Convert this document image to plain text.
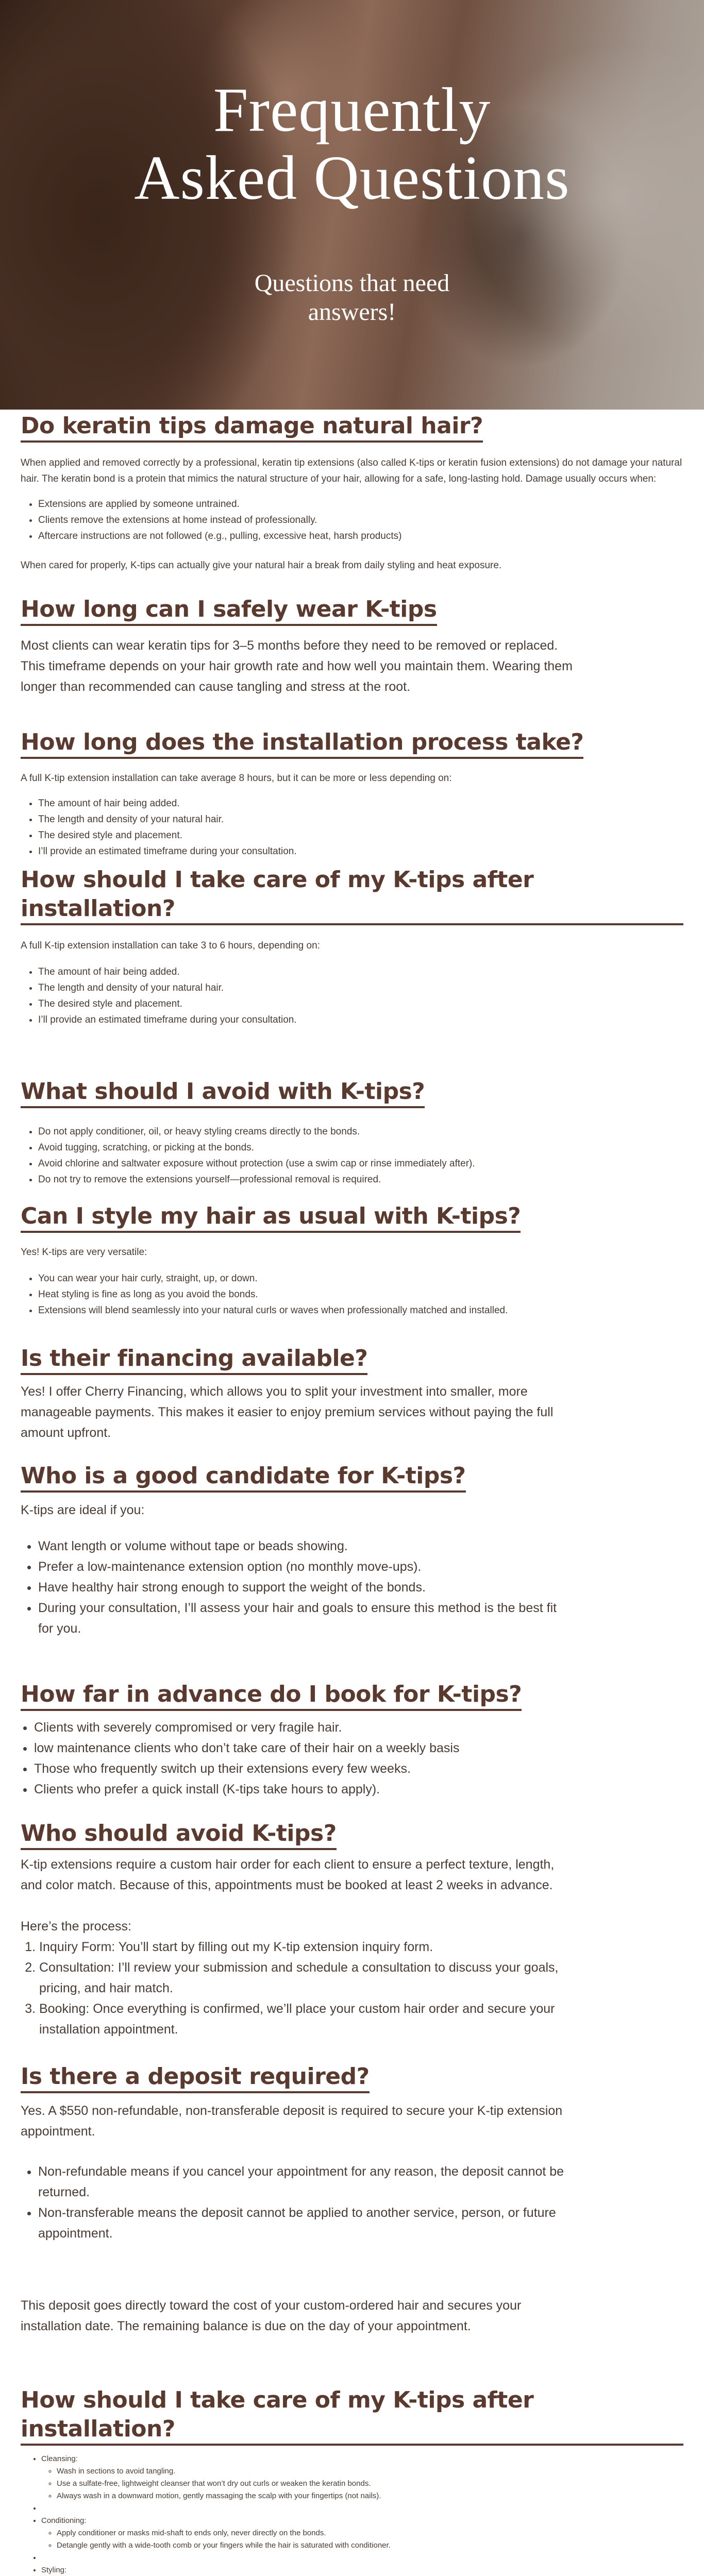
Frequently
Asked Questions
Questions that need
answers!
Do keratin tips damage natural hair?

When applied and removed correctly by a professional, keratin tip extensions (also called K-tips or keratin fusion extensions) do not damage your natural hair. The keratin bond is a protein that mimics the natural structure of your hair, allowing for a safe, long-lasting hold. Damage usually occurs when:

• Extensions are applied by someone untrained.
• Clients remove the extensions at home instead of professionally.
• Aftercare instructions are not followed (e.g., pulling, excessive heat, harsh products)

When cared for properly, K-tips can actually give your natural hair a break from daily styling and heat exposure.

How long can I safely wear K-tips

Most clients can wear keratin tips for 3–5 months before they need to be removed or replaced. This timeframe depends on your hair growth rate and how well you maintain them. Wearing them longer than recommended can cause tangling and stress at the root.

How long does the installation process take?

A full K-tip extension installation can take average 8 hours, but it can be more or less depending on:

• The amount of hair being added.
• The length and density of your natural hair.
• The desired style and placement.
• I’ll provide an estimated timeframe during your consultation.
How should I take care of my K-tips after installation?

A full K-tip extension installation can take 3 to 6 hours, depending on:

• The amount of hair being added.
• The length and density of your natural hair.
• The desired style and placement.
• I’ll provide an estimated timeframe during your consultation.
What should I avoid with K-tips?
• Do not apply conditioner, oil, or heavy styling creams directly to the bonds.
• Avoid tugging, scratching, or picking at the bonds.
• Avoid chlorine and saltwater exposure without protection (use a swim cap or rinse immediately after).
• Do not try to remove the extensions yourself—professional removal is required.
Can I style my hair as usual with K-tips?

Yes! K-tips are very versatile:

• You can wear your hair curly, straight, up, or down.
• Heat styling is fine as long as you avoid the bonds.
• Extensions will blend seamlessly into your natural curls or waves when professionally matched and installed.
Is their financing available?

Yes! I offer Cherry Financing, which allows you to split your investment into smaller, more manageable payments. This makes it easier to enjoy premium services without paying the full amount upfront.

Who is a good candidate for K-tips?

K-tips are ideal if you:

• Want length or volume without tape or beads showing.
• Prefer a low-maintenance extension option (no monthly move-ups).
• Have healthy hair strong enough to support the weight of the bonds.
• During your consultation, I’ll assess your hair and goals to ensure this method is the best fit for you.
How far in advance do I book for K-tips?
• Clients with severely compromised or very fragile hair.
• low maintenance clients who don’t take care of their hair on a weekly basis
• Those who frequently switch up their extensions every few weeks.
• Clients who prefer a quick install (K-tips take hours to apply).
Who should avoid K-tips?

K-tip extensions require a custom hair order for each client to ensure a perfect texture, length, and color match. Because of this, appointments must be booked at least 2 weeks in advance.

Here’s the process:

1. Inquiry Form: You’ll start by filling out my K-tip extension inquiry form.
2. Consultation: I’ll review your submission and schedule a consultation to discuss your goals, pricing, and hair match.
3. Booking: Once everything is confirmed, we’ll place your custom hair order and secure your installation appointment.
Is there a deposit required?

Yes. A $550 non-refundable, non-transferable deposit is required to secure your K-tip extension appointment.

• Non-refundable means if you cancel your appointment for any reason, the deposit cannot be returned.
• Non-transferable means the deposit cannot be applied to another service, person, or future appointment.

This deposit goes directly toward the cost of your custom-ordered hair and secures your installation date. The remaining balance is due on the day of your appointment.

How should I take care of my K-tips after installation?
• Cleansing:
◦ Wash in sections to avoid tangling.
◦ Use a sulfate-free, lightweight cleanser that won’t dry out curls or weaken the keratin bonds.
◦ Always wash in a downward motion, gently massaging the scalp with your fingertips (not nails).
•
• Conditioning:
◦ Apply conditioner or masks mid-shaft to ends only, never directly on the bonds.
◦ Detangle gently with a wide-tooth comb or your fingers while the hair is saturated with conditioner.
•
• Styling:
